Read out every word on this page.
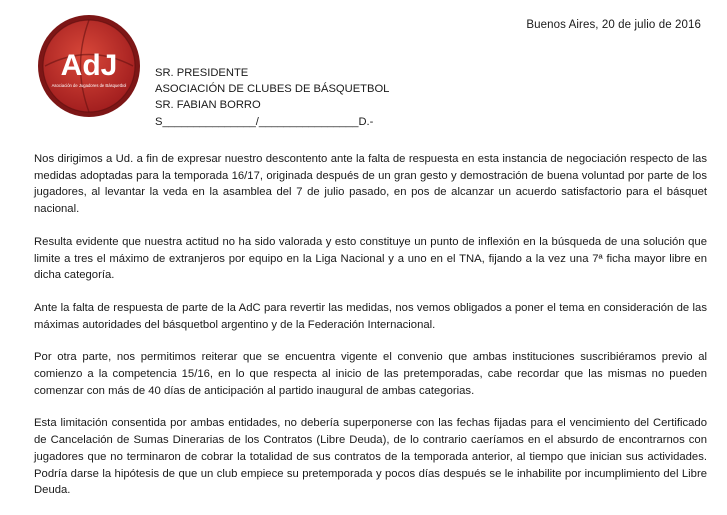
Buenos Aires, 20 de julio de 2016
AdJ
Asociación de Jugadores de Básquetbol
SR. PRESIDENTE
ASOCIACIÓN DE CLUBES DE BÁSQUETBOL
SR. FABIAN BORRO
S_______________/________________D.-

Nos dirigimos a Ud. a fin de expresar nuestro descontento ante la falta de respuesta en esta instancia de negociación respecto de las medidas adoptadas para la temporada 16/17, originada después de un gran gesto y demostración de buena voluntad por parte de los jugadores, al levantar la veda en la asamblea del 7 de julio pasado, en pos de alcanzar un acuerdo satisfactorio para el básquet nacional.

Resulta evidente que nuestra actitud no ha sido valorada y esto constituye un punto de inflexión en la búsqueda de una solución que limite a tres el máximo de extranjeros por equipo en la Liga Nacional y a uno en el TNA, fijando a la vez una 7ª ficha mayor libre en dicha categoría.

Ante la falta de respuesta de parte de la AdC para revertir las medidas, nos vemos obligados a poner el tema en consideración de las máximas autoridades del básquetbol argentino y de la Federación Internacional.

Por otra parte, nos permitimos reiterar que se encuentra vigente el convenio que ambas instituciones suscribiéramos previo al comienzo a la competencia 15/16, en lo que respecta al inicio de las pretemporadas, cabe recordar que las mismas no pueden comenzar con más de 40 días de anticipación al partido inaugural de ambas categorias.

Esta limitación consentida por ambas entidades, no debería superponerse con las fechas fijadas para el vencimiento del Certificado de Cancelación de Sumas Dinerarias de los Contratos (Libre Deuda), de lo contrario caeríamos en el absurdo de encontrarnos con jugadores que no terminaron de cobrar la totalidad de sus contratos de la temporada anterior, al tiempo que inician sus actividades. Podría darse la hipótesis de que un club empiece su pretemporada y pocos días después se le inhabilite por incumplimiento del Libre Deuda.
